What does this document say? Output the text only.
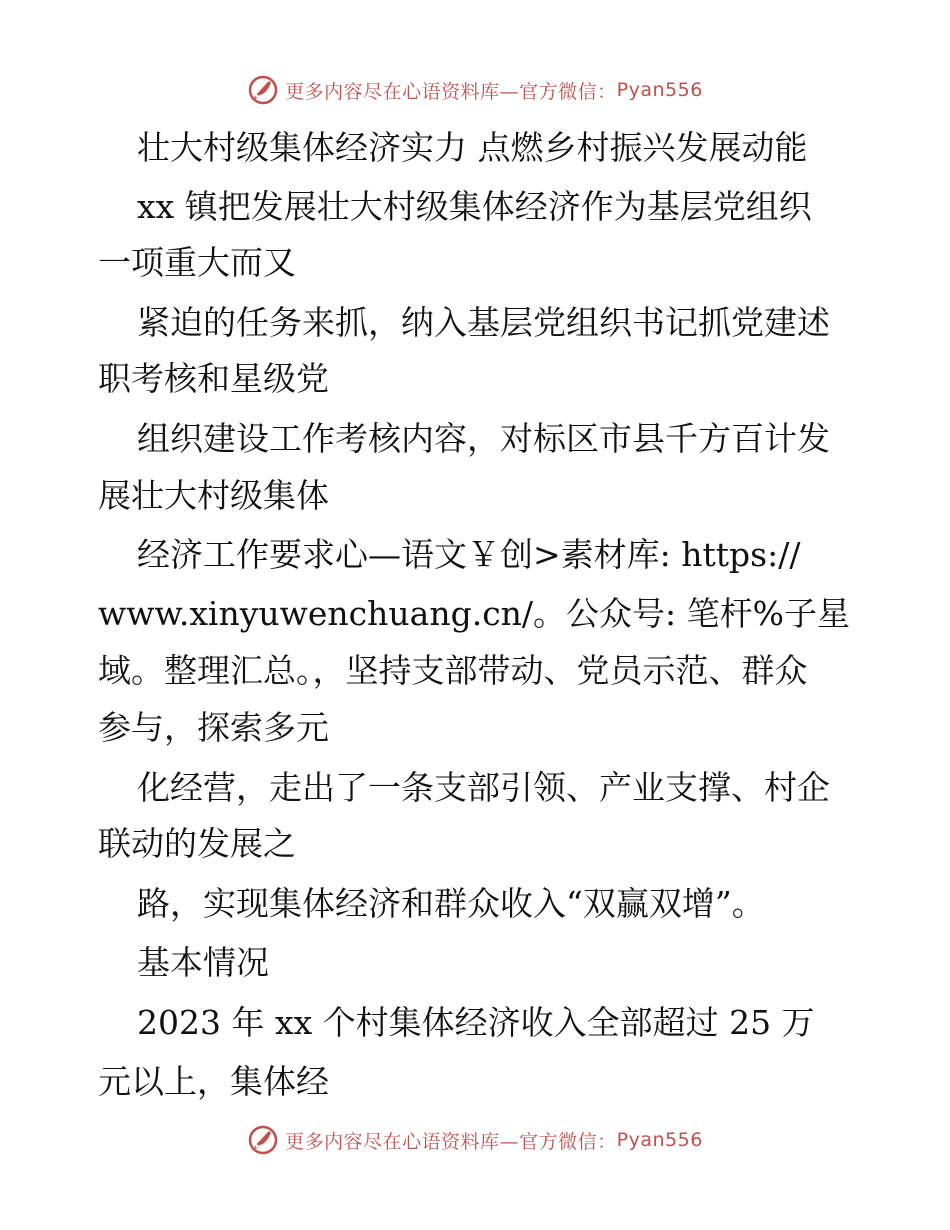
更多内容尽在心语资料库—官方微信： Pyan556
壮大村级集体经济实力 点燃乡村振兴发展动能
xx 镇把发展壮大村级集体经济作为基层党组织
一项重大而又
紧迫的任务来抓，纳入基层党组织书记抓党建述
职考核和星级党
组织建设工作考核内容，对标区市县千方百计发
展壮大村级集体
经济工作要求心—语文￥创>素材库: https://
www.xinyuwenchuang.cn/。公众号: 笔杆%子星
域。整理汇总。，坚持支部带动、党员示范、群众
参与，探索多元
化经营，走出了一条支部引领、产业支撑、村企
联动的发展之
路，实现集体经济和群众收入“双赢双增”。
基本情况
2023 年 xx 个村集体经济收入全部超过 25 万
元以上，集体经
更多内容尽在心语资料库—官方微信： Pyan556
